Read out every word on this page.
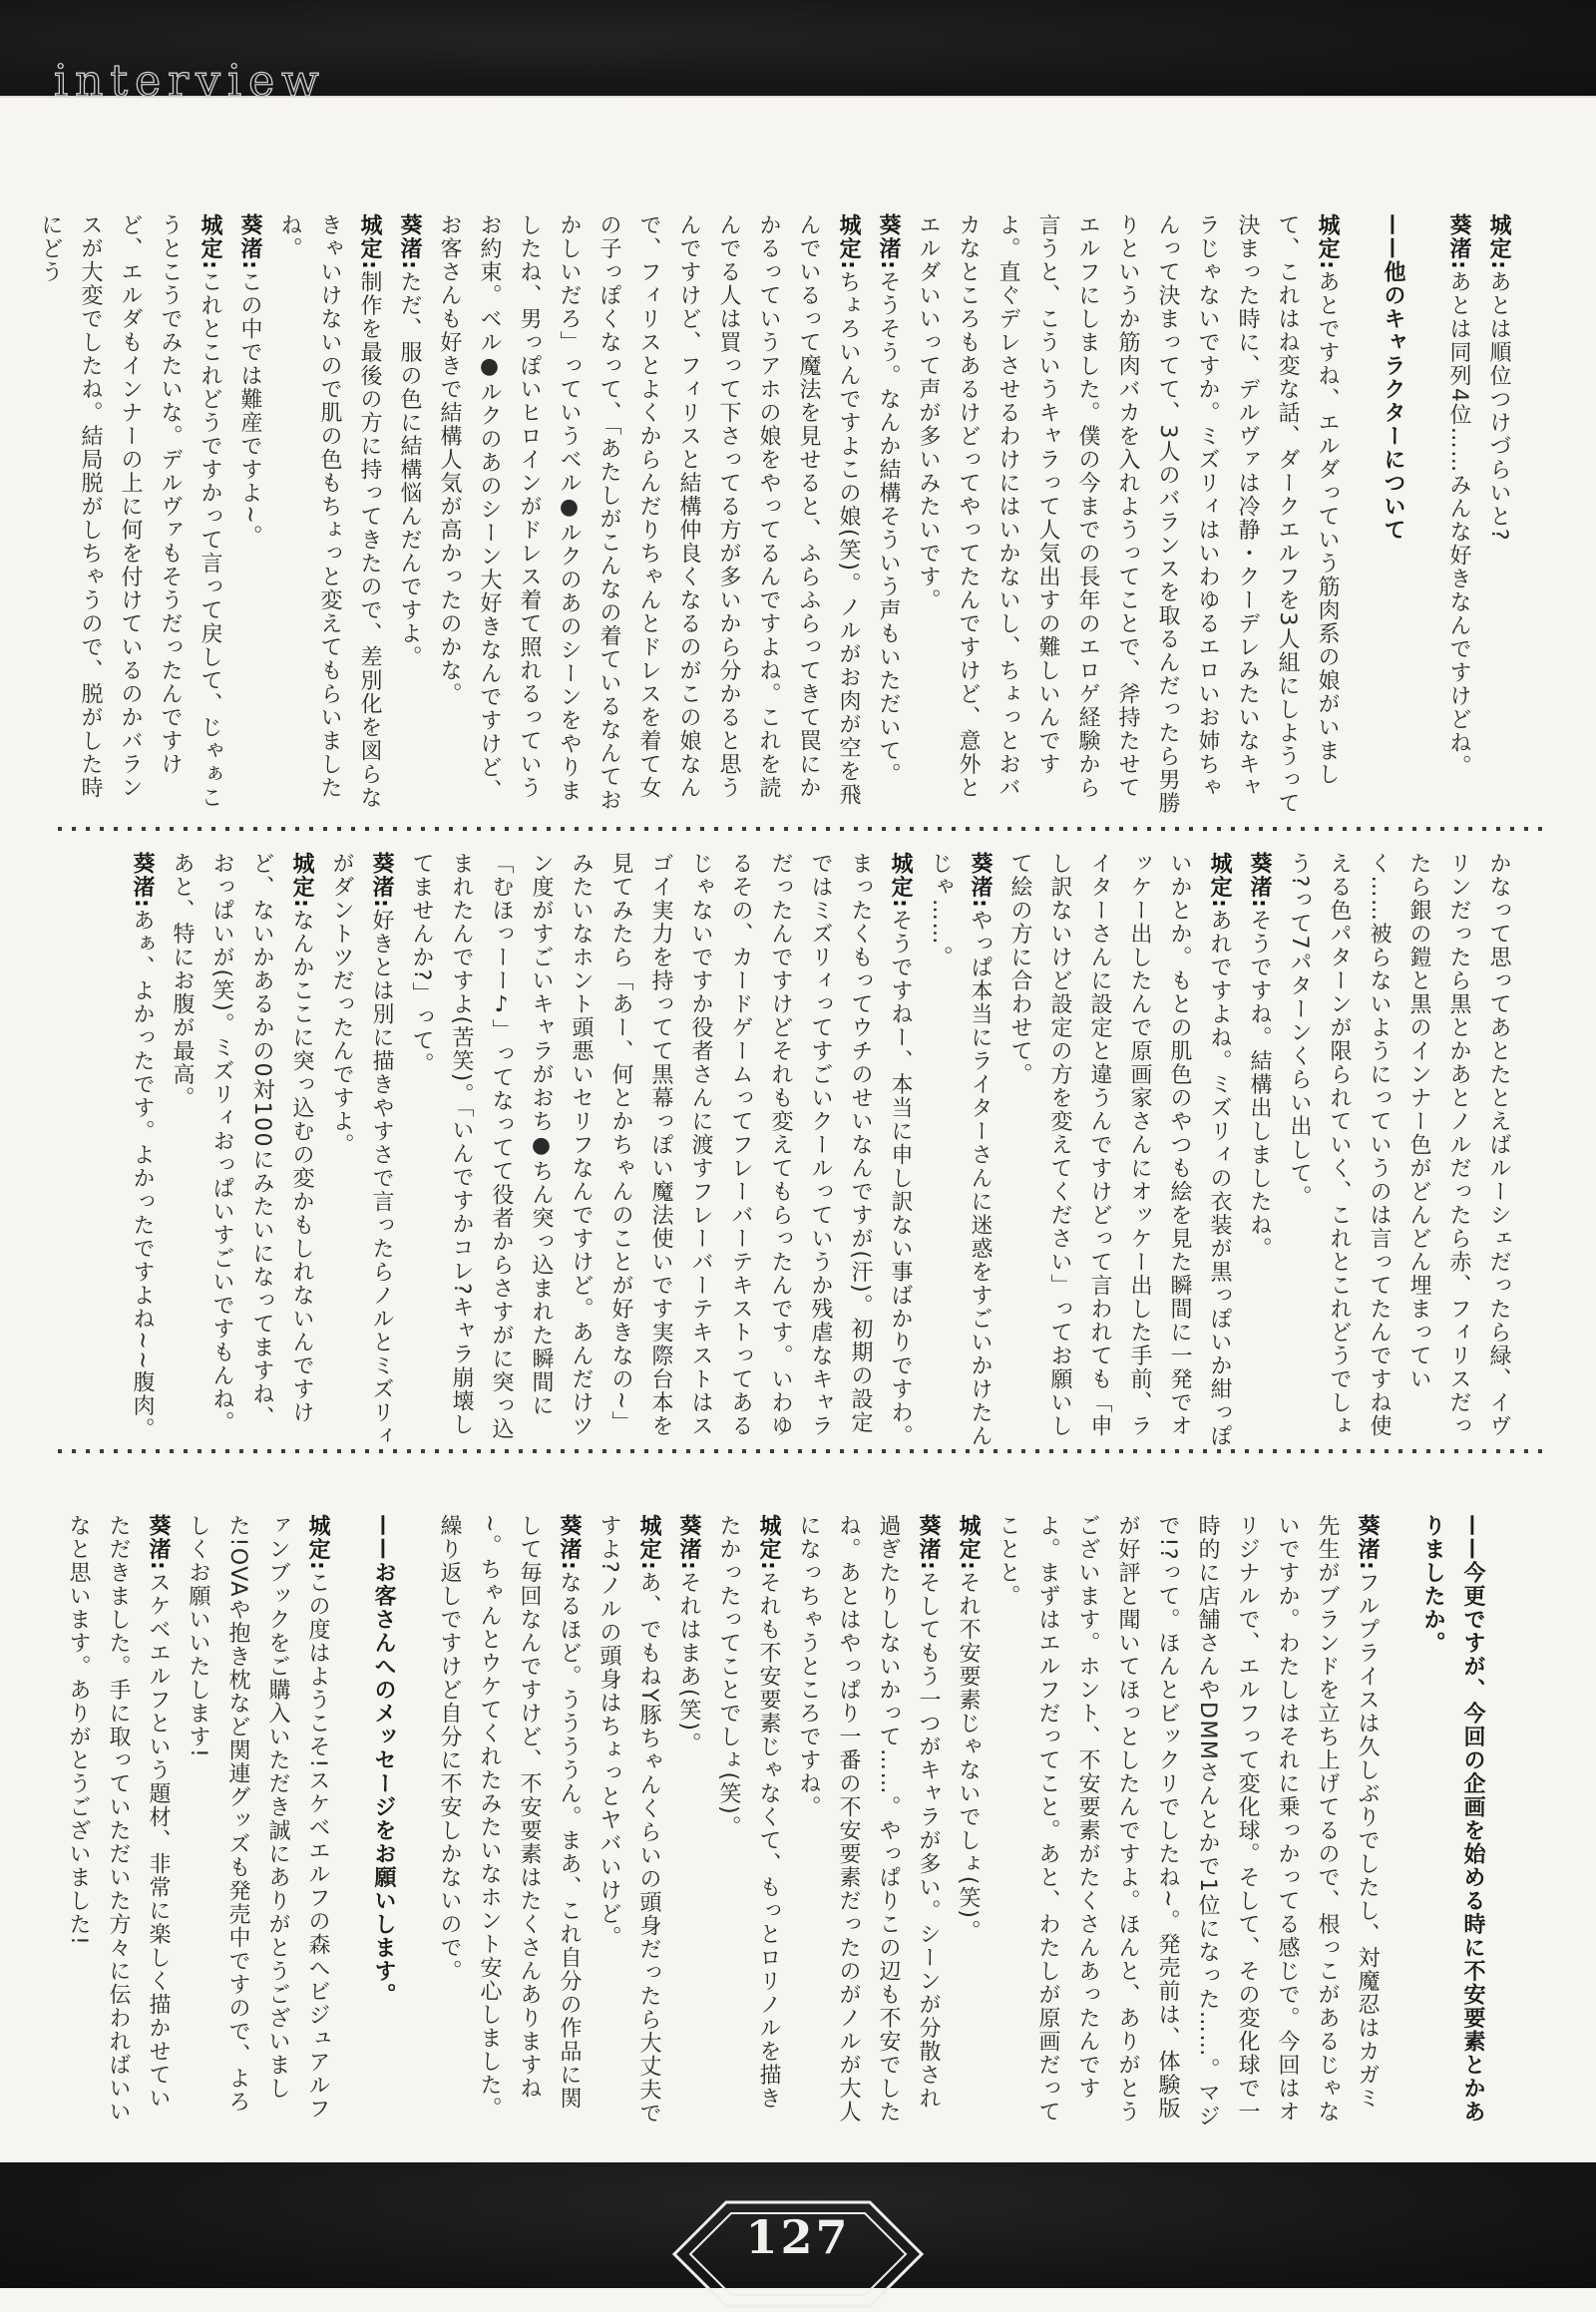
interview

城定:あとは順位つけづらいと?

葵渚:あとは同列4位……みんな好きなんですけどね。

——他のキャラクターについて

城定:あとですね、エルダっていう筋肉系の娘がいまして、これはね変な話、ダークエルフを3人組にしようって決まった時に、デルヴァは冷静・クーデレみたいなキャラじゃないですか。ミズリィはいわゆるエロいお姉ちゃんって決まってて、3人のバランスを取るんだったら男勝りというか筋肉バカを入れようってことで、斧持たせてエルフにしました。僕の今までの長年のエロゲ経験から言うと、こういうキャラって人気出すの難しいんですよ。直ぐデレさせるわけにはいかないし、ちょっとおバカなところもあるけどってやってたんですけど、意外とエルダいいって声が多いみたいです。

葵渚:そうそう。なんか結構そういう声もいただいて。

城定:ちょろいんですよこの娘(笑)。ノルがお肉が空を飛んでいるって魔法を見せると、ふらふらってきて罠にかかるっていうアホの娘をやってるんですよね。これを読んでる人は買って下さってる方が多いから分かると思うんですけど、フィリスと結構仲良くなるのがこの娘なんで、フィリスとよくからんだりちゃんとドレスを着て女の子っぽくなって、「あたしがこんなの着ているなんておかしいだろ」っていうベル●ルクのあのシーンをやりましたね、男っぽいヒロインがドレス着て照れるっていうお約束。ベル●ルクのあのシーン大好きなんですけど、お客さんも好きで結構人気が高かったのかな。

葵渚:ただ、服の色に結構悩んだんですよ。

城定:制作を最後の方に持ってきたので、差別化を図らなきゃいけないので肌の色もちょっと変えてもらいましたね。

葵渚:この中では難産ですよ~。

城定:これとこれどうですかって言って戻して、じゃぁこうとこうでみたいな。デルヴァもそうだったんですけど、エルダもインナーの上に何を付けているのかバランスが大変でしたね。結局脱がしちゃうので、脱がした時にどう

かなって思ってあとたとえばルーシェだったら緑、イヴリンだったら黒とかあとノルだったら赤、フィリスだったら銀の鎧と黒のインナー色がどんどん埋まっていく……被らないようにっていうのは言ってたんですね使える色パターンが限られていく、これとこれどうでしょう?って7パターンくらい出して。

葵渚:そうですね。結構出しましたね。

城定:あれですよね。ミズリィの衣装が黒っぽいか紺っぽいかとか。もとの肌色のやつも絵を見た瞬間に一発でオッケー出したんで原画家さんにオッケー出した手前、ライターさんに設定と違うんですけどって言われても「申し訳ないけど設定の方を変えてください」ってお願いして絵の方に合わせて。

葵渚:やっぱ本当にライターさんに迷惑をすごいかけたんじゃ……。

城定:そうですねー、本当に申し訳ない事ばかりですわ。まったくもってウチのせいなんですが(汗)。初期の設定ではミズリィってすごいクールっていうか残虐なキャラだったんですけどそれも変えてもらったんです。いわゆるその、カードゲームってフレーバーテキストってあるじゃないですか役者さんに渡すフレーバーテキストはスゴイ実力を持ってて黒幕っぽい魔法使いです実際台本を見てみたら「あー、何とかちゃんのことが好きなの~」みたいなホント頭悪いセリフなんですけど。あんだけツン度がすごいキャラがおち●ちん突っ込まれた瞬間に「むほっーー♪」ってなってて役者からさすがに突っ込まれたんですよ(苦笑)。「いんですかコレ?キャラ崩壊してませんか?」って。

葵渚:好きとは別に描きやすさで言ったらノルとミズリィがダントツだったんですよ。

城定:なんかここに突っ込むの変かもしれないんですけど、ないかあるかの0対100にみたいになってますね、おっぱいが(笑)。ミズリィおっぱいすごいですもんね。あと、特にお腹が最高。

葵渚:あぁ、よかったです。よかったですよね~~腹肉。

——今更ですが、今回の企画を始める時に不安要素とかありましたか。

葵渚:フルプライスは久しぶりでしたし、対魔忍はカガミ先生がブランドを立ち上げてるので、根っこがあるじゃないですか。わたしはそれに乗っかってる感じで。今回はオリジナルで、エルフって変化球。そして、その変化球で一時的に店舗さんやDMMさんとかで1位になった……。マジで!?って。ほんとビックリでしたね~。発売前は、体験版が好評と聞いてほっとしたんですよ。ほんと、ありがとうございます。ホント、不安要素がたくさんあったんですよ。まずはエルフだってこと。あと、わたしが原画だってことと。

城定:それ不安要素じゃないでしょ(笑)。

葵渚:そしてもう一つがキャラが多い。シーンが分散され過ぎたりしないかって……。やっぱりこの辺も不安でしたね。あとはやっぱり一番の不安要素だったのがノルが大人になっちゃうところですね。

城定:それも不安要素じゃなくて、もっとロリノルを描きたかったってことでしょ(笑)。

葵渚:それはまあ(笑)。

城定:あ、でもねY豚ちゃんくらいの頭身だったら大丈夫ですよ?ノルの頭身はちょっとヤバいけど。

葵渚:なるほど。ううううん。まあ、これ自分の作品に関して毎回なんですけど、不安要素はたくさんありますね~。ちゃんとウケてくれたみたいなホント安心しました。繰り返しですけど自分に不安しかないので。

——お客さんへのメッセージをお願いします。

城定:この度はようこそ!スケベエルフの森へビジュアルファンブックをご購入いただき誠にありがとうございました!OVAや抱き枕など関連グッズも発売中ですので、よろしくお願いいたします!

葵渚:スケベエルフという題材、非常に楽しく描かせていただきました。手に取っていただいた方々に伝わればいいなと思います。ありがとうございました!

127
